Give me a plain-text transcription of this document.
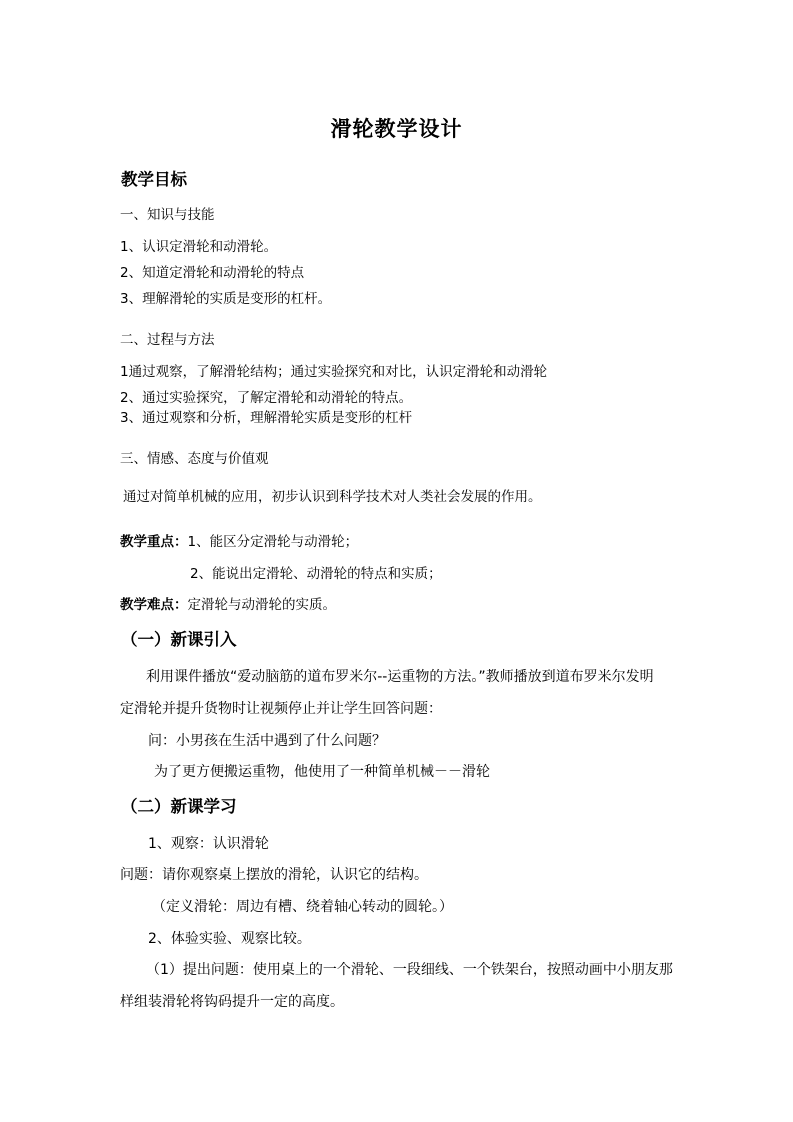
滑轮教学设计
教学目标
一、知识与技能
1、认识定滑轮和动滑轮。
2、知道定滑轮和动滑轮的特点
3、理解滑轮的实质是变形的杠杆。
二、过程与方法
1通过观察，了解滑轮结构；通过实验探究和对比，认识定滑轮和动滑轮
2、通过实验探究，了解定滑轮和动滑轮的特点。
3、通过观察和分析，理解滑轮实质是变形的杠杆
三、情感、态度与价值观
通过对简单机械的应用，初步认识到科学技术对人类社会发展的作用。
教学重点：1、能区分定滑轮与动滑轮；
2、能说出定滑轮、动滑轮的特点和实质；
教学难点：定滑轮与动滑轮的实质。
（一）新课引入
利用课件播放“爱动脑筋的道布罗米尔--运重物的方法。”教师播放到道布罗米尔发明
定滑轮并提升货物时让视频停止并让学生回答问题：
问：小男孩在生活中遇到了什么问题？
为了更方便搬运重物，他使用了一种简单机械－－滑轮
（二）新课学习
1、观察：认识滑轮
问题：请你观察桌上摆放的滑轮，认识它的结构。
（定义滑轮：周边有槽、绕着轴心转动的圆轮。）
2、体验实验、观察比较。
（1）提出问题：使用桌上的一个滑轮、一段细线、一个铁架台，按照动画中小朋友那
样组装滑轮将钩码提升一定的高度。
